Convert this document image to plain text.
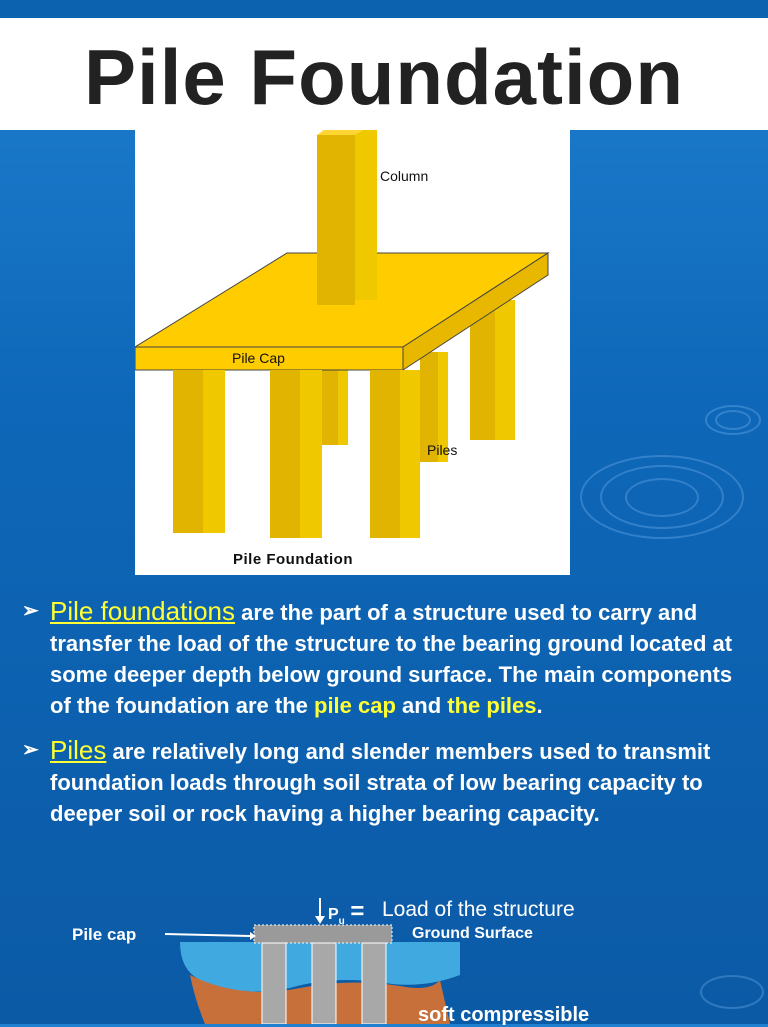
Pile Foundation
Column
Pile Cap
Piles
Pile Foundation
➢ Pile foundations are the part of a structure used to carry and transfer the load of the structure to the bearing ground located at some deeper depth below ground surface. The main components of the foundation are the pile cap and the piles.
➢ Piles are relatively long and slender members used to transmit foundation loads through soil strata of low bearing capacity to deeper soil or rock having a higher bearing capacity.
$P_u$ = Load of the structure
Pile cap	Ground Surface
soft compressible
